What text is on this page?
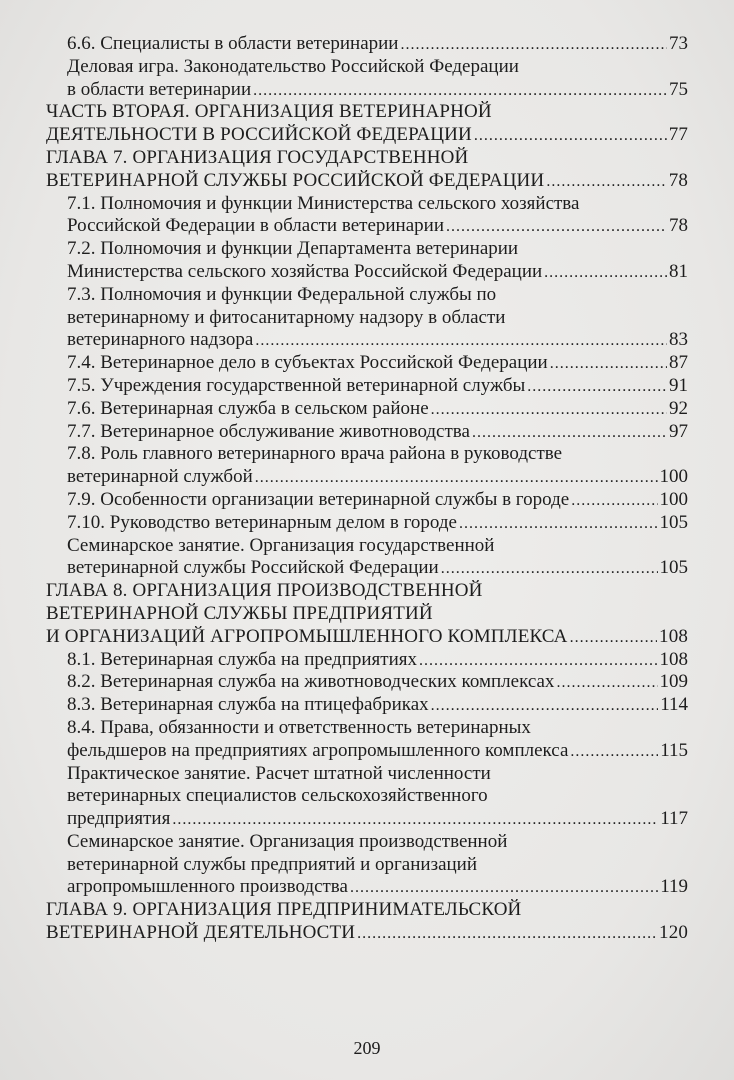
6.6. Специалисты в области ветеринарии .....	73
Деловая игра. Законодательство Российской Федерации
в области ветеринарии .....	75
ЧАСТЬ ВТОРАЯ. ОРГАНИЗАЦИЯ ВЕТЕРИНАРНОЙ
ДЕЯТЕЛЬНОСТИ В РОССИЙСКОЙ ФЕДЕРАЦИИ .....	77
ГЛАВА 7. ОРГАНИЗАЦИЯ ГОСУДАРСТВЕННОЙ
ВЕТЕРИНАРНОЙ СЛУЖБЫ РОССИЙСКОЙ ФЕДЕРАЦИИ .....	78
7.1. Полномочия и функции Министерства сельского хозяйства
Российской Федерации в области ветеринарии .....	78
7.2. Полномочия и функции Департамента ветеринарии
Министерства сельского хозяйства Российской Федерации .....	81
7.3. Полномочия и функции Федеральной службы по
ветеринарному и фитосанитарному надзору в области
ветеринарного надзора .....	83
7.4. Ветеринарное дело в субъектах Российской Федерации .....	87
7.5. Учреждения государственной ветеринарной службы .....	91
7.6. Ветеринарная служба в сельском районе .....	92
7.7. Ветеринарное обслуживание животноводства .....	97
7.8. Роль главного ветеринарного врача района в руководстве
ветеринарной службой .....	100
7.9. Особенности организации ветеринарной службы в городе .....	100
7.10. Руководство ветеринарным делом в городе .....	105
Семинарское занятие. Организация государственной
ветеринарной службы Российской Федерации .....	105
ГЛАВА 8. ОРГАНИЗАЦИЯ ПРОИЗВОДСТВЕННОЙ
ВЕТЕРИНАРНОЙ СЛУЖБЫ ПРЕДПРИЯТИЙ
И ОРГАНИЗАЦИЙ АГРОПРОМЫШЛЕННОГО КОМПЛЕКСА .....	108
8.1. Ветеринарная служба на предприятиях .....	108
8.2. Ветеринарная служба на животноводческих комплексах .....	109
8.3. Ветеринарная служба на птицефабриках .....	114
8.4. Права, обязанности и ответственность ветеринарных
фельдшеров на предприятиях агропромышленного комплекса .....	115
Практическое занятие. Расчет штатной численности
ветеринарных специалистов сельскохозяйственного
предприятия .....	117
Семинарское занятие. Организация производственной
ветеринарной службы предприятий и организаций
агропромышленного производства .....	119
ГЛАВА 9. ОРГАНИЗАЦИЯ ПРЕДПРИНИМАТЕЛЬСКОЙ
ВЕТЕРИНАРНОЙ ДЕЯТЕЛЬНОСТИ .....	120
209
